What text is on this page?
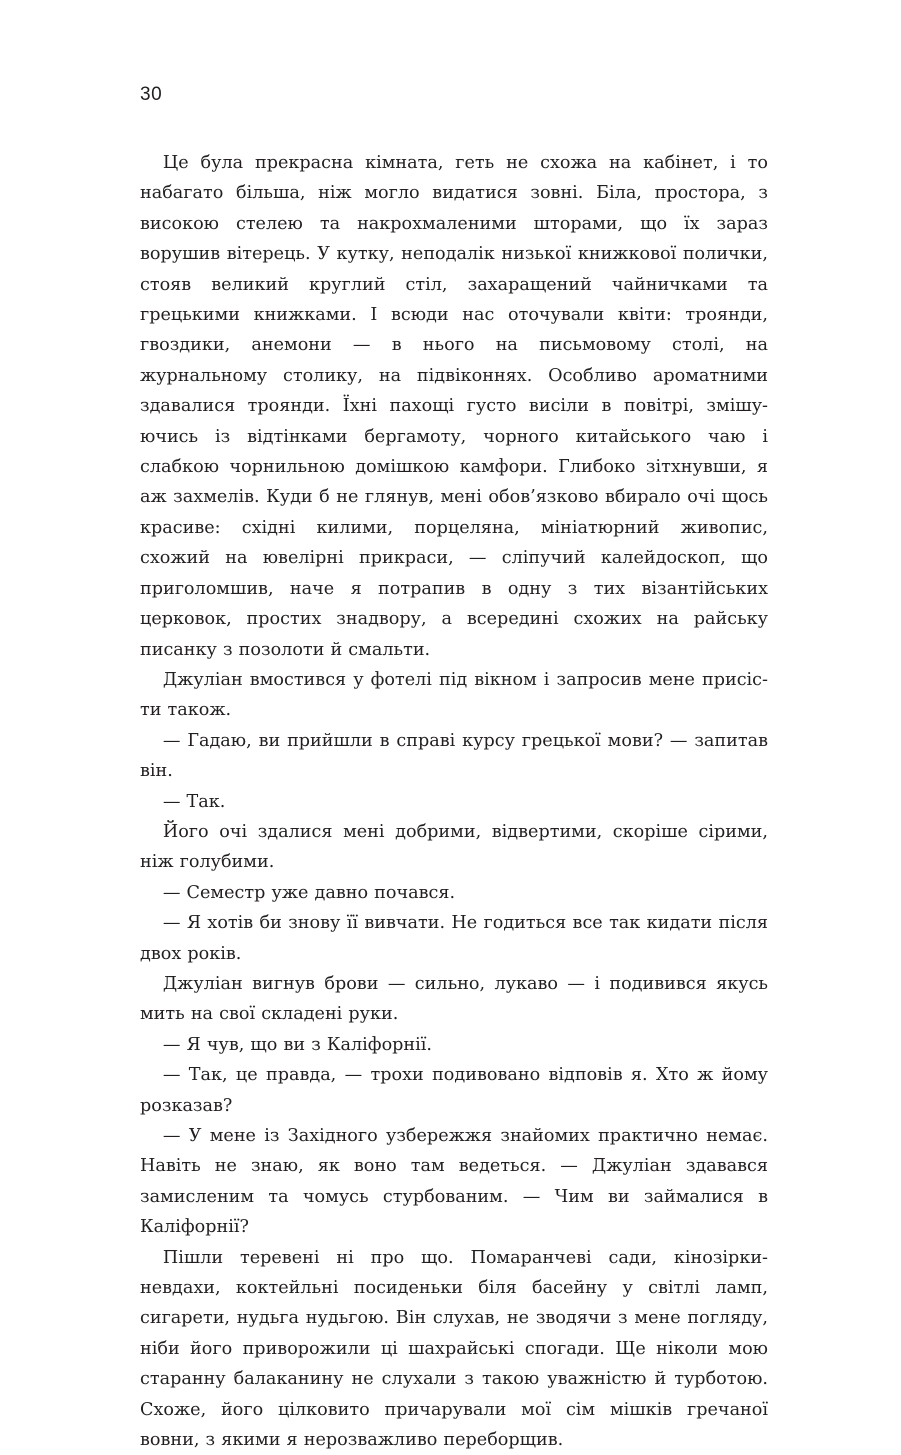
30

Це була прекрасна кімната, геть не схожа на кабінет, і то набагато більша, ніж могло видатися зовні. Біла, простора, з високою стелею та накрохмаленими шторами, що їх зараз ворушив вітерець. У кутку, неподалік низької книжкової полички, стояв великий круглий стіл, захаращений чайничками та грецькими книжками. І всюди нас оточували квіти: троянди, гвоздики, анемони — в нього на письмовому столі, на журнальному столику, на підвіконнях. Особливо ароматними здавалися троянди. Їхні пахощі густо висіли в повітрі, змішуючись із відтінками бергамоту, чорного китайського чаю і слабкою чорнильною домішкою камфори. Глибоко зітхнувши, я аж захмелів. Куди б не глянув, мені обов’язково вбирало очі щось красиве: східні килими, порцеляна, мініатюрний живопис, схожий на ювелірні прикраси, — сліпучий калейдоскоп, що приголомшив, наче я потрапив в одну з тих візантійських церковок, простих знадвору, а всередині схожих на райську писанку з позолоти й смальти.

Джуліан вмостився у фотелі під вікном і запросив мене присісти також.

— Гадаю, ви прийшли в справі курсу грецької мови? — запитав він.

— Так.

Його очі здалися мені добрими, відвертими, скоріше сірими, ніж голубими.

— Семестр уже давно почався.

— Я хотів би знову її вивчати. Не годиться все так кидати після двох років.

Джуліан вигнув брови — сильно, лукаво — і подивився якусь мить на свої складені руки.

— Я чув, що ви з Каліфорнії.

— Так, це правда, — трохи подивовано відповів я. Хто ж йому розказав?

— У мене із Західного узбережжя знайомих практично немає. Навіть не знаю, як воно там ведеться. — Джуліан здавався замисленим та чомусь стурбованим. — Чим ви займалися в Каліфорнії?

Пішли теревені ні про що. Помаранчеві сади, кінозірки-невдахи, коктейльні посиденьки біля басейну у світлі ламп, сигарети, нудьга нудьгою. Він слухав, не зводячи з мене погляду, ніби його приворожили ці шахрайські спогади. Ще ніколи мою старанну балаканину не слухали з такою уважністю й турботою. Схоже, його цілковито причарували мої сім мішків гречаної вовни, з якими я нерозважливо переборщив.
